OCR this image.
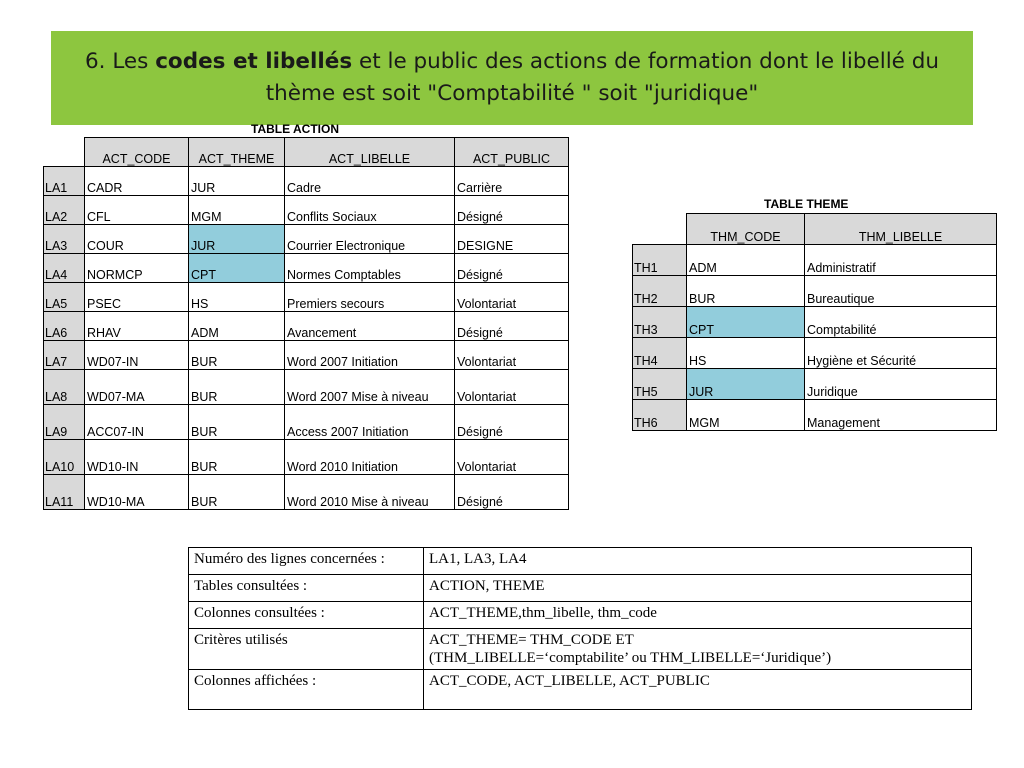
6. Les codes et libellés et le public des actions de formation dont le libellé du thème est soit "Comptabilité " soit "juridique"
TABLE ACTION
	ACT_CODE	ACT_THEME	ACT_LIBELLE	ACT_PUBLIC
LA1	CADR	JUR	Cadre	Carrière
LA2	CFL	MGM	Conflits Sociaux	Désigné
LA3	COUR	JUR	Courrier Electronique	DESIGNE
LA4	NORMCP	CPT	Normes Comptables	Désigné
LA5	PSEC	HS	Premiers secours	Volontariat
LA6	RHAV	ADM	Avancement	Désigné
LA7	WD07-IN	BUR	Word 2007 Initiation	Volontariat
LA8	WD07-MA	BUR	Word 2007 Mise à niveau	Volontariat
LA9	ACC07-IN	BUR	Access 2007 Initiation	Désigné
LA10	WD10-IN	BUR	Word 2010 Initiation	Volontariat
LA11	WD10-MA	BUR	Word 2010 Mise à niveau	Désigné
TABLE THEME
	THM_CODE	THM_LIBELLE
TH1	ADM	Administratif
TH2	BUR	Bureautique
TH3	CPT	Comptabilité
TH4	HS	Hygiène et Sécurité
TH5	JUR	Juridique
TH6	MGM	Management
Numéro des lignes concernées :	LA1, LA3, LA4

Tables consultées :	ACTION, THEME

Colonnes consultées :	ACT_THEME,thm_libelle, thm_code

Critères utilisés	ACT_THEME= THM_CODE ET
(THM_LIBELLE=‘comptabilite’ ou THM_LIBELLE=‘Juridique’)

Colonnes affichées :	ACT_CODE, ACT_LIBELLE, ACT_PUBLIC
